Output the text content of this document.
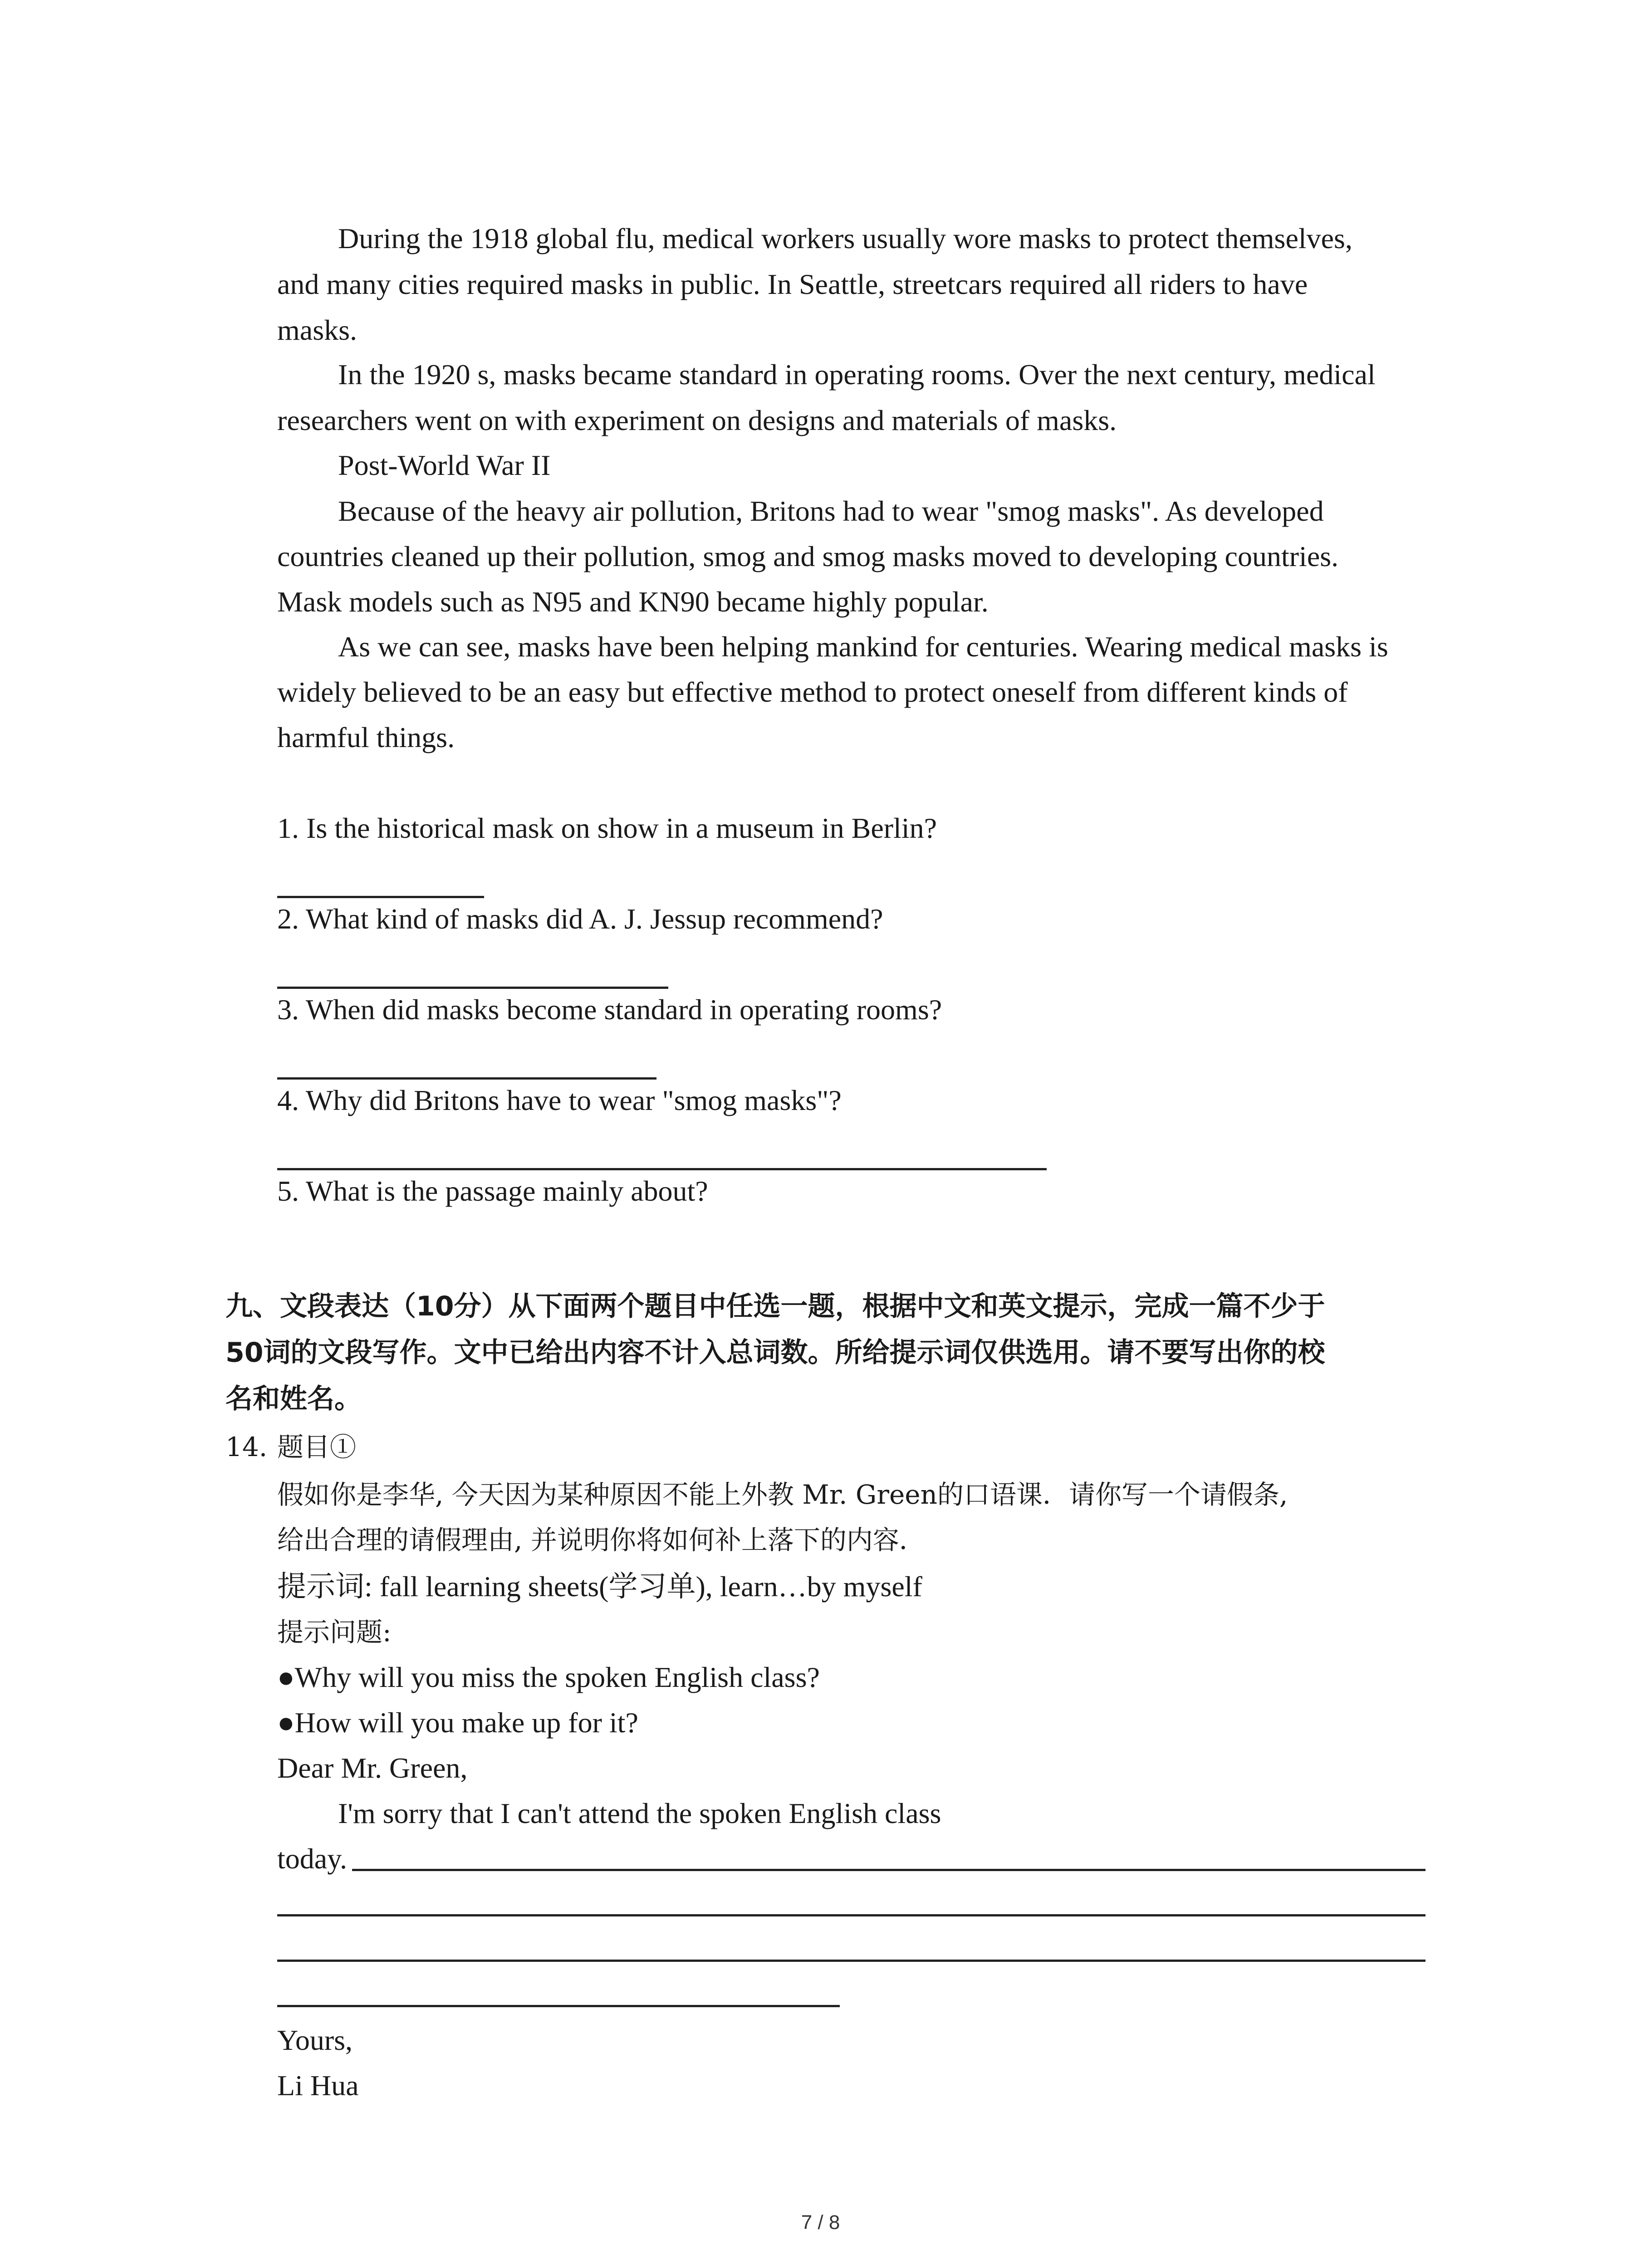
During the 1918 global flu, medical workers usually wore masks to protect themselves,
and many cities required masks in public. In Seattle, streetcars required all riders to have
masks.
In the 1920 s, masks became standard in operating rooms. Over the next century, medical
researchers went on with experiment on designs and materials of masks.
Post-World War II
Because of the heavy air pollution, Britons had to wear "smog masks". As developed
countries cleaned up their pollution, smog and smog masks moved to developing countries.
Mask models such as N95 and KN90 became highly popular.
As we can see, masks have been helping mankind for centuries. Wearing medical masks is
widely believed to be an easy but effective method to protect oneself from different kinds of
harmful things.
1. Is the historical mask on show in a museum in Berlin?
2. What kind of masks did A. J. Jessup recommend?
3. When did masks become standard in operating rooms?
4. Why did Britons have to wear "smog masks"?
5. What is the passage mainly about?
九、文段表达（10分）从下面两个题目中任选一题，根据中文和英文提示，完成一篇不少于
50词的文段写作。文中已给出内容不计入总词数。所给提示词仅供选用。请不要写出你的校
名和姓名。
14. 题目①
假如你是李华, 今天因为某种原因不能上外教 Mr. Green的口语课．请你写一个请假条,
给出合理的请假理由, 并说明你将如何补上落下的内容．
提示词: fall learning sheets(学习单), learn…by myself
提示问题:
●Why will you miss the spoken English class?
●How will you make up for it?
Dear Mr. Green,
I'm sorry that I can't attend the spoken English class
today.
Yours,
Li Hua
7 / 8
